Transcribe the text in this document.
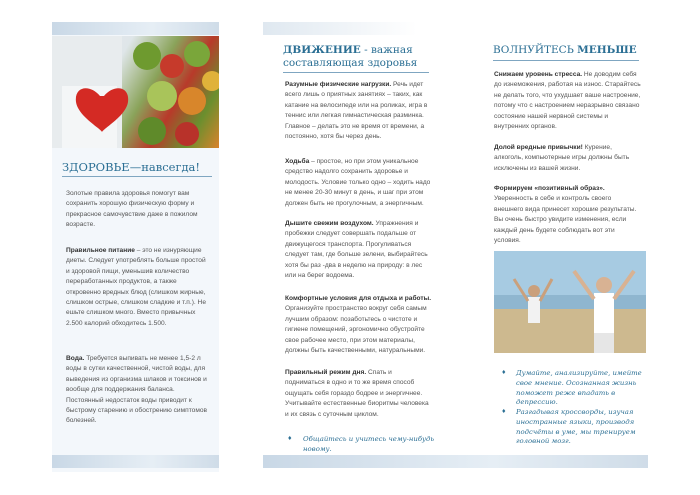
ЗДОРОВЬЕ—навсегда!
Золотые правила здоровья помогут вам сохранить хорошую физическую форму и прекрасное самочувствие даже в пожилом возрасте.
Правильное питание – это не изнуряющие диеты. Следует употреблять больше простой и здоровой пищи, уменьшив количество переработанных продуктов, а также откровенно вредных блюд (слишком жирные, слишком острые, слишком сладкие и т.п.). Не ешьте слишком много. Вместо привычных 2.500 калорий обходитесь 1.500.
Вода. Требуется выпивать не менее 1,5-2 л воды в сутки качественной, чистой воды, для выведения из организма шлаков и токсинов и вообще для поддержания баланса. Постоянный недостаток воды приводит к быстрому старению и обострению симптомов болезней.
ДВИЖЕНИЕ - важная составляющая здоровья
Разумные физические нагрузки. Речь идет всего лишь о приятных занятиях – таких, как катание на велосипеде или на роликах, игра в теннис или легкая гимнастическая разминка. Главное – делать это не время от времени, а постоянно, хотя бы через день.
Ходьба – простое, но при этом уникальное средство надолго сохранить здоровье и молодость. Условие только одно – ходить надо не менее 20-30 минут в день, и шаг при этом должен быть не прогулочным, а энергичным.
Дышите свежим воздухом. Упражнения и пробежки следует совершать подальше от движущегося транспорта. Прогуливаться следует там, где больше зелени, выбирайтесь хотя бы раз -два в неделю на природу: в лес или на берег водоема.
Комфортные условия для отдыха и работы. Организуйте пространство вокруг себя самым лучшим образом: позаботьтесь о чистоте и гигиене помещений, эргономично обустройте свое рабочее место, при этом материалы, должны быть качественными, натуральными.
Правильный режим дня. Спать и подниматься в одно и то же время способ ощущать себя гораздо бодрее и энергичнее. Учитывайте естественные биоритмы человека и их связь с суточным циклом.
♦ Общайтесь и учитесь чему-нибудь новому.
ВОЛНУЙТЕСЬ МЕНЬШЕ
Снижаем уровень стресса. Не доводим себя до изнеможения, работая на износ. Старайтесь не делать того, что ухудшает ваше настроение, потому что с настроением неразрывно связано состояние нашей нервной системы и внутренних органов.
Долой вредные привычки! Курение, алкоголь, компьютерные игры должны быть исключены из вашей жизни.
Формируем «позитивный образ». Уверенность в себе и контроль своего внешнего вида принесет хорошие результаты. Вы очень быстро увидите изменения, если каждый день будете соблюдать вот эти условия.
♦ Думайте, анализируйте, имейте свое мнение. Осознанная жизнь поможет реже впадать в депрессию.
♦ Разгадывая кроссворды, изучая иностранные языки, производя подсчёты в уме, мы тренируем головной мозг.
